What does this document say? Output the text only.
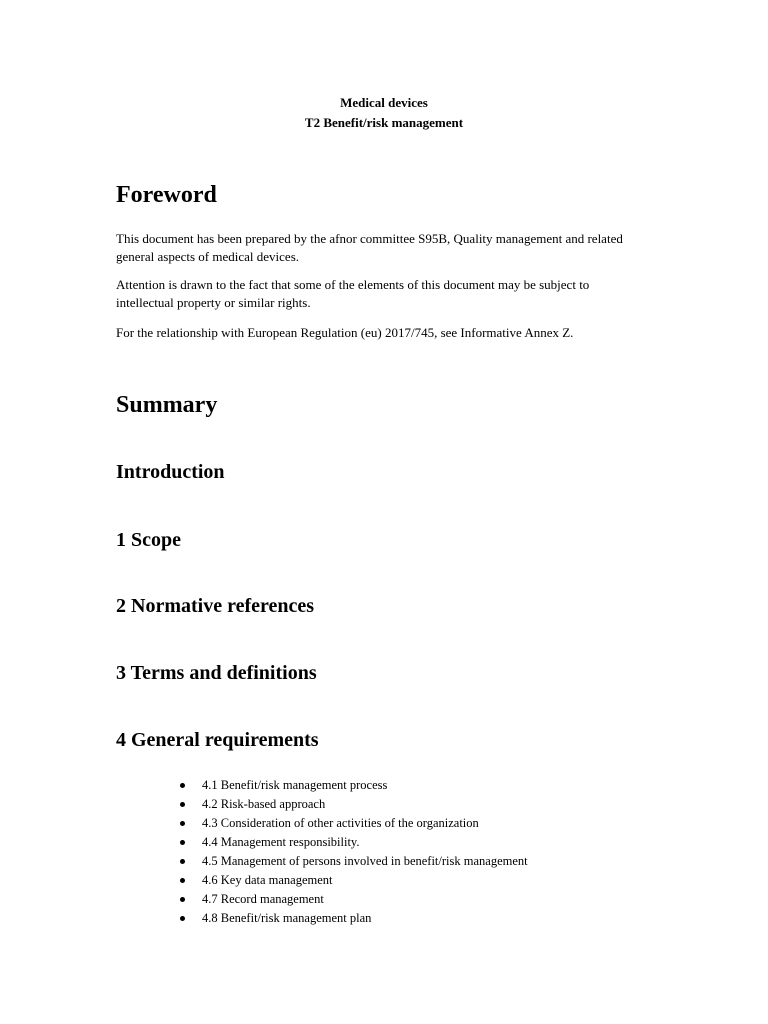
Medical devices
T2 Benefit/risk management
Foreword

This document has been prepared by the afnor committee S95B, Quality management and related general aspects of medical devices.

Attention is drawn to the fact that some of the elements of this document may be subject to intellectual property or similar rights.

For the relationship with European Regulation (eu) 2017/745, see Informative Annex Z.

Summary
Introduction
1 Scope
2 Normative references
3 Terms and definitions
4 General requirements
4.1 Benefit/risk management process
4.2 Risk-based approach
4.3 Consideration of other activities of the organization
4.4 Management responsibility.
4.5 Management of persons involved in benefit/risk management
4.6 Key data management
4.7 Record management
4.8 Benefit/risk management plan
